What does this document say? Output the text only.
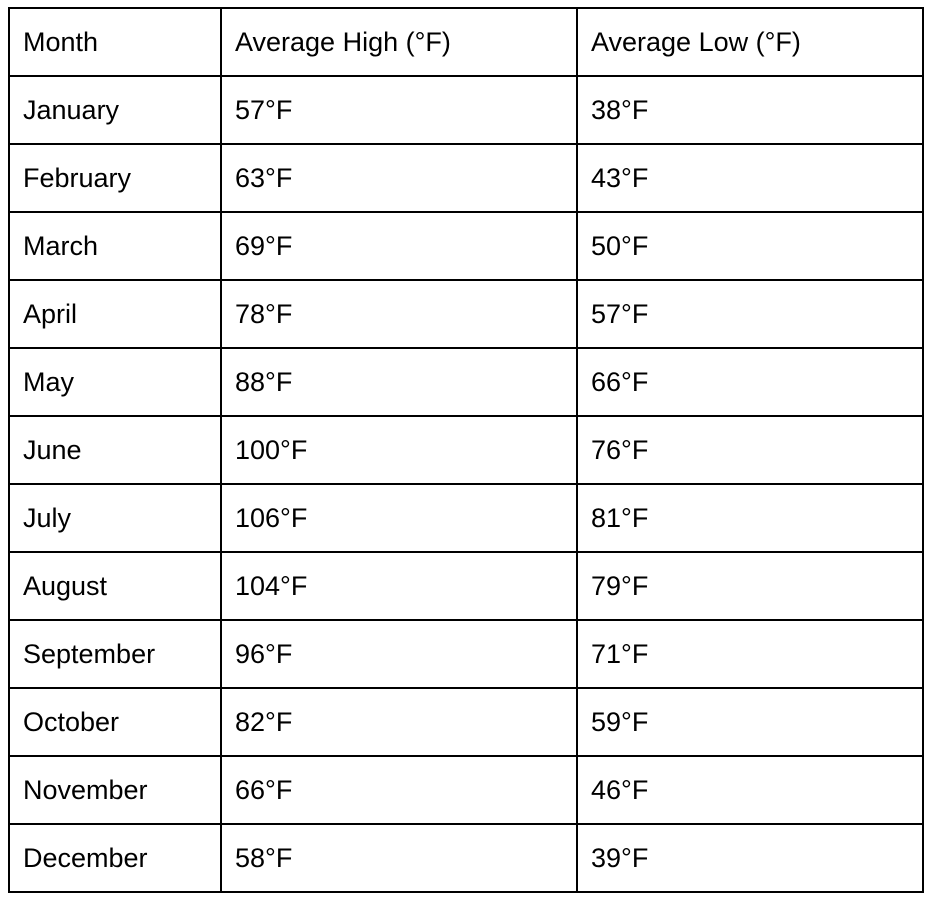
Month	Average High (°F)	Average Low (°F)
January	57°F	38°F
February	63°F	43°F
March	69°F	50°F
April	78°F	57°F
May	88°F	66°F
June	100°F	76°F
July	106°F	81°F
August	104°F	79°F
September	96°F	71°F
October	82°F	59°F
November	66°F	46°F
December	58°F	39°F
